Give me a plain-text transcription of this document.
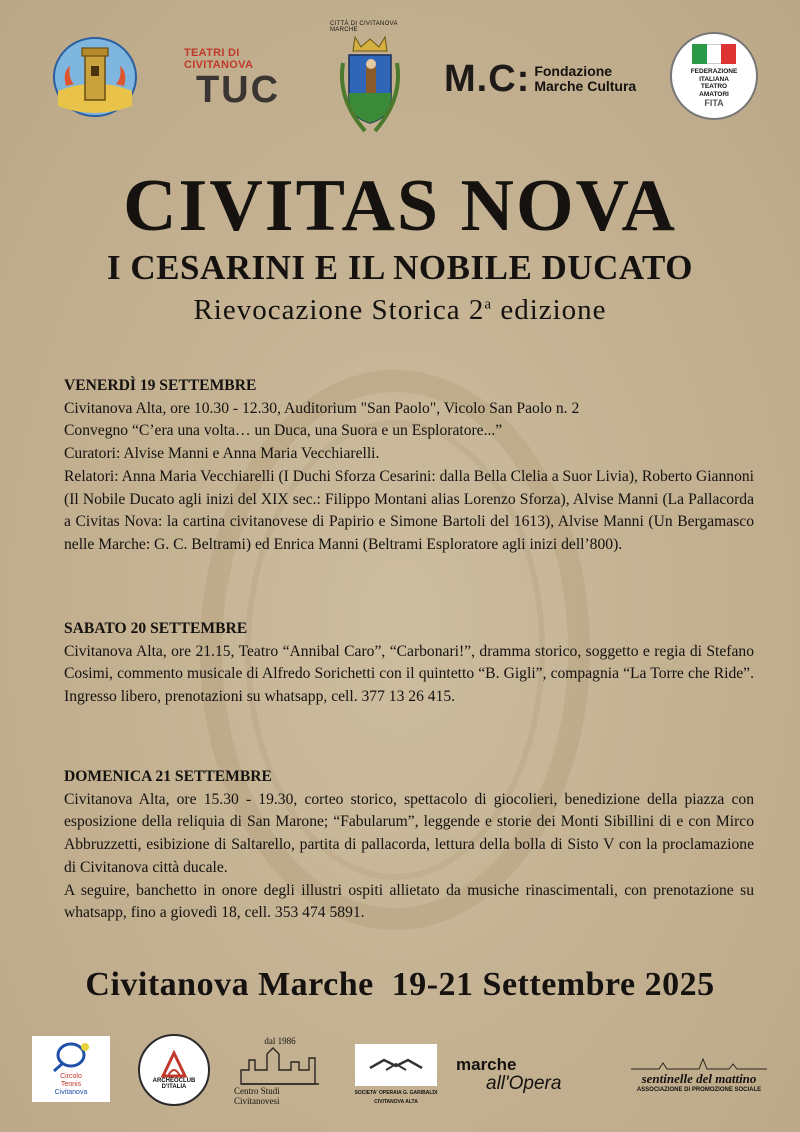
TEATRI DI CIVITANOVA
TUC
CITTÀ DI CIVITANOVA MARCHE
M.C: Fondazione
Marche Cultura
FEDERAZIONE ITALIANA TEATRO AMATORI
FITA
CIVITAS NOVA
I CESARINI E IL NOBILE DUCATO
Rievocazione Storica 2$^a$ edizione
VENERDÌ 19 SETTEMBRE

Civitanova Alta, ore 10.30 - 12.30, Auditorium "San Paolo", Vicolo San Paolo n. 2

Convegno “C’era una volta… un Duca, una Suora e un Esploratore...”

Curatori: Alvise Manni e Anna Maria Vecchiarelli.

Relatori: Anna Maria Vecchiarelli (I Duchi Sforza Cesarini: dalla Bella Clelia a Suor Livia), Roberto Giannoni (Il Nobile Ducato agli inizi del XIX sec.: Filippo Montani alias Lorenzo Sforza), Alvise Manni (La Pallacorda a Civitas Nova: la cartina civitanovese di Papirio e Simone Bartoli del 1613), Alvise Manni (Un Bergamasco nelle Marche: G. C. Beltrami) ed Enrica Manni (Beltrami Esploratore agli inizi dell’800).

SABATO 20 SETTEMBRE

Civitanova Alta, ore 21.15, Teatro “Annibal Caro”, “Carbonari!”, dramma storico, soggetto e regia di Stefano Cosimi, commento musicale di Alfredo Sorichetti con il quintetto “B. Gigli”, compagnia “La Torre che Ride”. Ingresso libero, prenotazioni su whatsapp, cell. 377 13 26 415.

DOMENICA 21 SETTEMBRE

Civitanova Alta, ore 15.30 - 19.30, corteo storico, spettacolo di giocolieri, benedizione della piazza con esposizione della reliquia di San Marone; “Fabularum”, leggende e storie dei Monti Sibillini di e con Mirco Abbruzzetti, esibizione di Saltarello, partita di pallacorda, lettura della bolla di Sisto V con la proclamazione di Civitanova città ducale.

A seguire, banchetto in onore degli illustri ospiti allietato da musiche rinascimentali, con prenotazione su whatsapp, fino a giovedì 18, cell. 353 474 5891.

Civitanova Marche  19-21 Settembre 2025
Circolo
Tennis
Civitanova
ARCHEOCLUB D'ITALIA
dal 1986
Centro Studi Civitanovesi
SOCIETA' OPERAIA G. GARIBALDI
CIVITANOVA ALTA
marche
all'Opera	sentinelle del mattino
ASSOCIAZIONE DI PROMOZIONE SOCIALE
